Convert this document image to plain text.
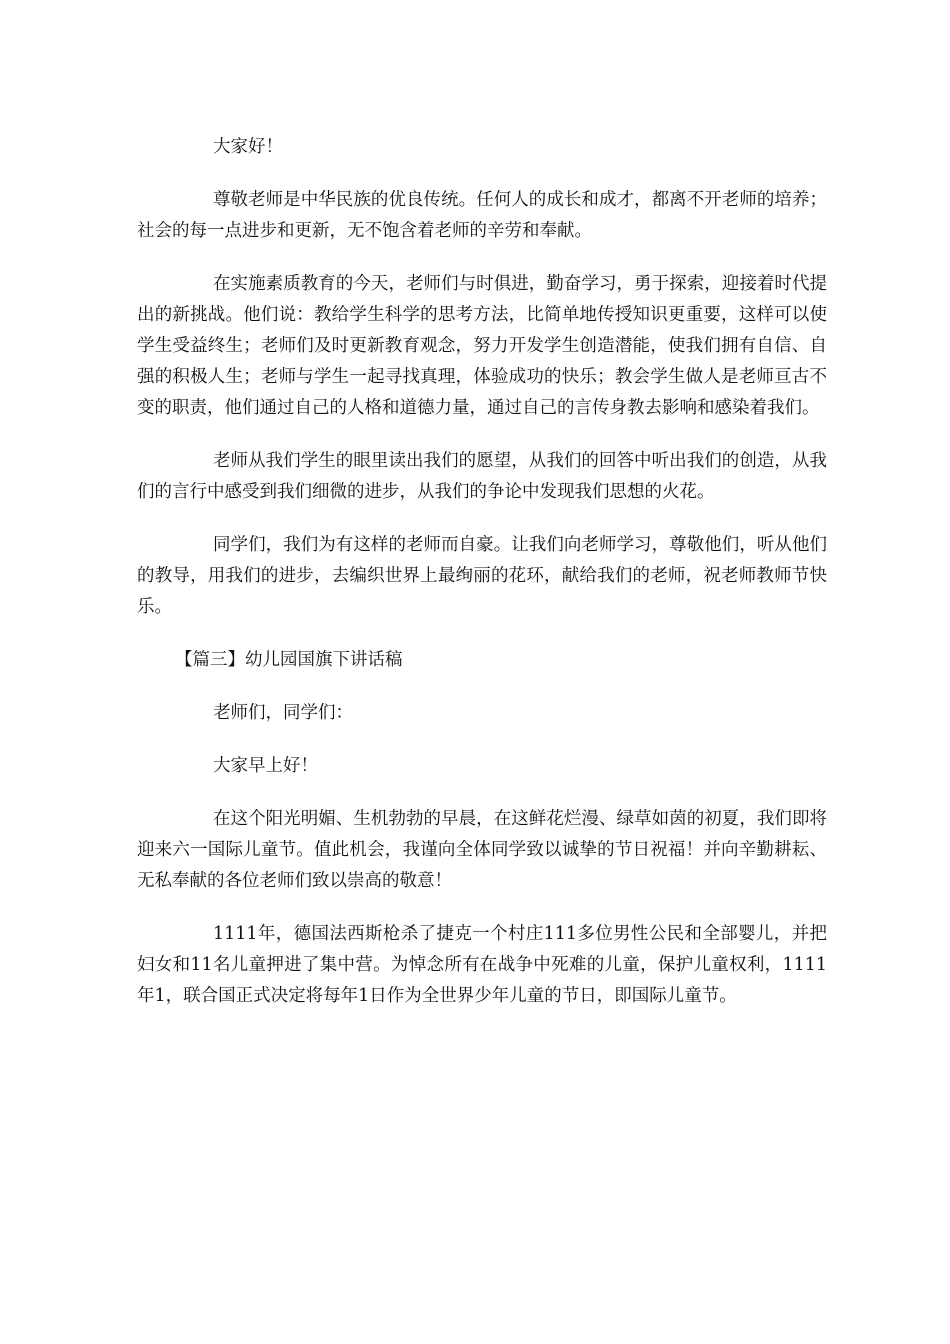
大家好！

尊敬老师是中华民族的优良传统。任何人的成长和成才，都离不开老师的培养；社会的每一点进步和更新，无不饱含着老师的辛劳和奉献。

在实施素质教育的今天，老师们与时俱进，勤奋学习，勇于探索，迎接着时代提出的新挑战。他们说：教给学生科学的思考方法，比简单地传授知识更重要，这样可以使学生受益终生；老师们及时更新教育观念，努力开发学生创造潜能，使我们拥有自信、自强的积极人生；老师与学生一起寻找真理，体验成功的快乐；教会学生做人是老师亘古不变的职责，他们通过自己的人格和道德力量，通过自己的言传身教去影响和感染着我们。

老师从我们学生的眼里读出我们的愿望，从我们的回答中听出我们的创造，从我们的言行中感受到我们细微的进步，从我们的争论中发现我们思想的火花。

同学们，我们为有这样的老师而自豪。让我们向老师学习，尊敬他们，听从他们的教导，用我们的进步，去编织世界上最绚丽的花环，献给我们的老师，祝老师教师节快乐。

【篇三】幼儿园国旗下讲话稿

老师们，同学们：

大家早上好！

在这个阳光明媚、生机勃勃的早晨，在这鲜花烂漫、绿草如茵的初夏，我们即将迎来六一国际儿童节。值此机会，我谨向全体同学致以诚挚的节日祝福！并向辛勤耕耘、无私奉献的各位老师们致以崇高的敬意！

1111年，德国法西斯枪杀了捷克一个村庄111多位男性公民和全部婴儿，并把妇女和11名儿童押进了集中营。为悼念所有在战争中死难的儿童，保护儿童权利，1111年1，联合国正式决定将每年1日作为全世界少年儿童的节日，即国际儿童节。
